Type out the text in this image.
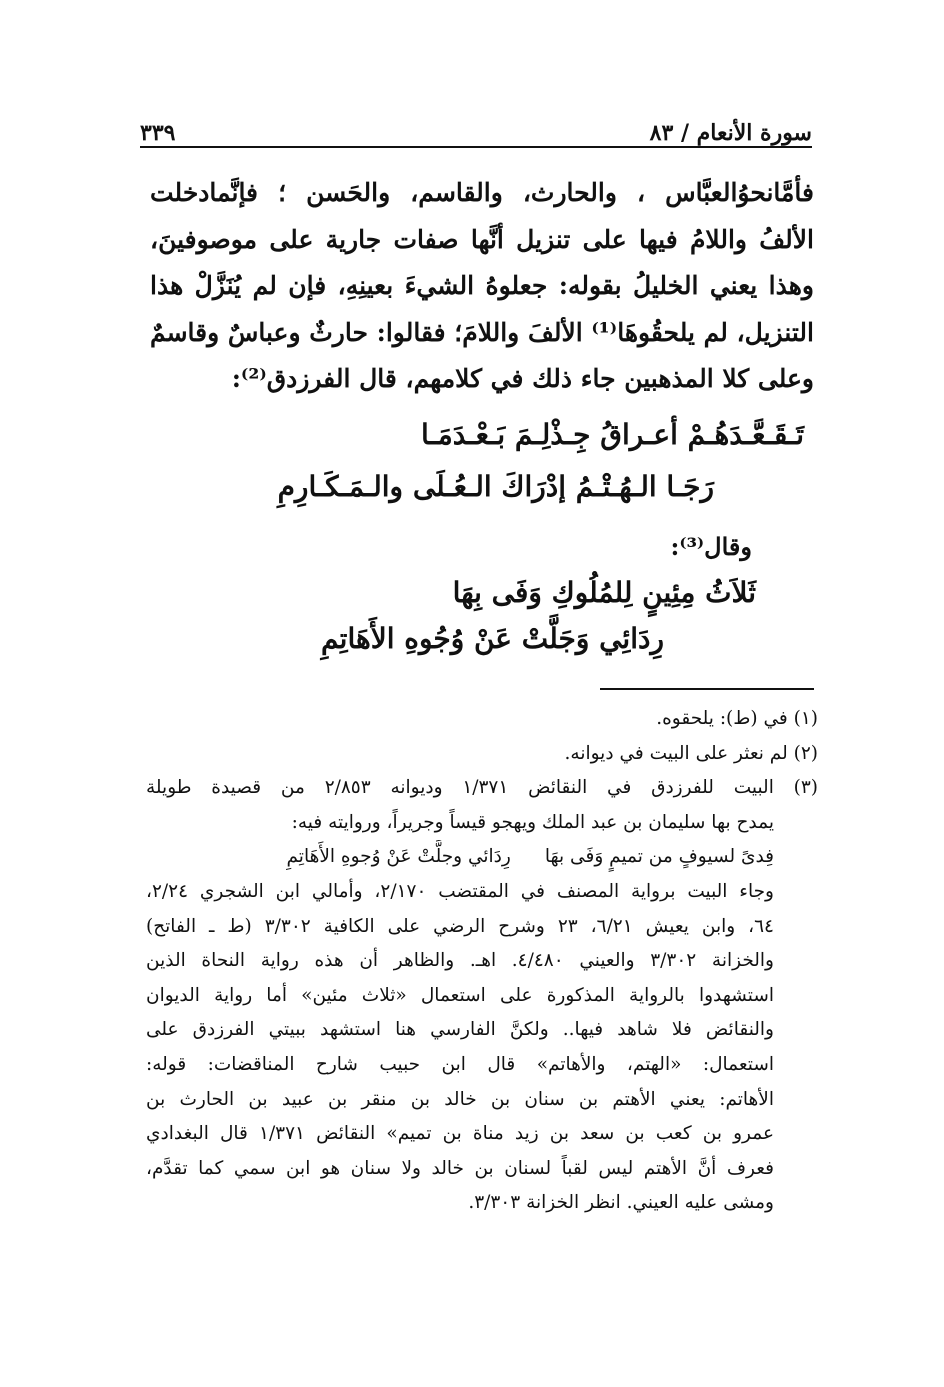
سورة الأنعام / ٨٣
٣٣٩
فأمَّانحوُالعبَّاس ، والحارث، والقاسم، والحَسن ؛ فإنَّمادخلت
الألفُ واللامُ فيها على تنزيل أنَّها صفات جارية على موصوفينَ،
وهذا يعني الخليلُ بقوله: جعلوهُ الشيءَ بعينِهِ، فإن لم يُنَزَّلْ هذا
التنزيل، لم يلحقُوهَا⁽¹⁾ الألفَ واللامَ؛ فقالوا: حارثٌ وعباسٌ وقاسمٌ
وعلى كلا المذهبين جاء ذلك في كلامهم، قال الفرزدق⁽²⁾:
تَـقَـعَّـدَهُـمْ أعـراقُ جِـذْلِـمَ بَـعْـدَمَـا
رَجَـا الـهُـتْـمُ إدْرَاكَ الـعُـلَى والـمَـكَـارِمِ
وقال⁽³⁾:
ثَلاَثُ مِئِينٍ لِلمُلُوكِ وَفَى بِهَا
رِدَائِي وَجَلَّتْ عَنْ وُجُوهِ الأَهَاتِمِ
(١) في (ط): يلحقوه.
(٢) لم نعثر على البيت في ديوانه.
(٣) البيت للفرزدق في النقائض ١/٣٧١ وديوانه ٢/٨٥٣ من قصيدة طويلة
يمدح بها سليمان بن عبد الملك ويهجو قيساً وجريراً، وروايته فيه:
فِدىً لسيوفٍ من تميمٍ وَفَى بهَا
رِدَائي وجلَّتْ عَنْ وُجوهِ الأَهَاتِمِ
وجاء البيت برواية المصنف في المقتضب ٢/١٧٠، وأمالي ابن الشجري ٢/٢٤،
٦٤، وابن يعيش ٦/٢١، ٢٣ وشرح الرضي على الكافية ٣/٣٠٢ (ط ـ الفاتح)
والخزانة ٣/٣٠٢ والعيني ٤/٤٨٠. اهـ. والظاهر أن هذه رواية النحاة الذين
استشهدوا بالرواية المذكورة على استعمال «ثلاث مئين» أما رواية الديوان
والنقائض فلا شاهد فيها.. ولكنَّ الفارسي هنا استشهد ببيتي الفرزدق على
استعمال: «الهتم، والأهاتم» قال ابن حبيب شارح المناقضات: قوله:
الأهاتم: يعني الأهتم بن سنان بن خالد بن منقر بن عبيد بن الحارث بن
عمرو بن كعب بن سعد بن زيد مناة بن تميم» النقائض ١/٣٧١ قال البغدادي
فعرف أنَّ الأهتم ليس لقباً لسنان بن خالد ولا سنان هو ابن سمي كما تقدَّم،
ومشى عليه العيني. انظر الخزانة ٣/٣٠٣.
